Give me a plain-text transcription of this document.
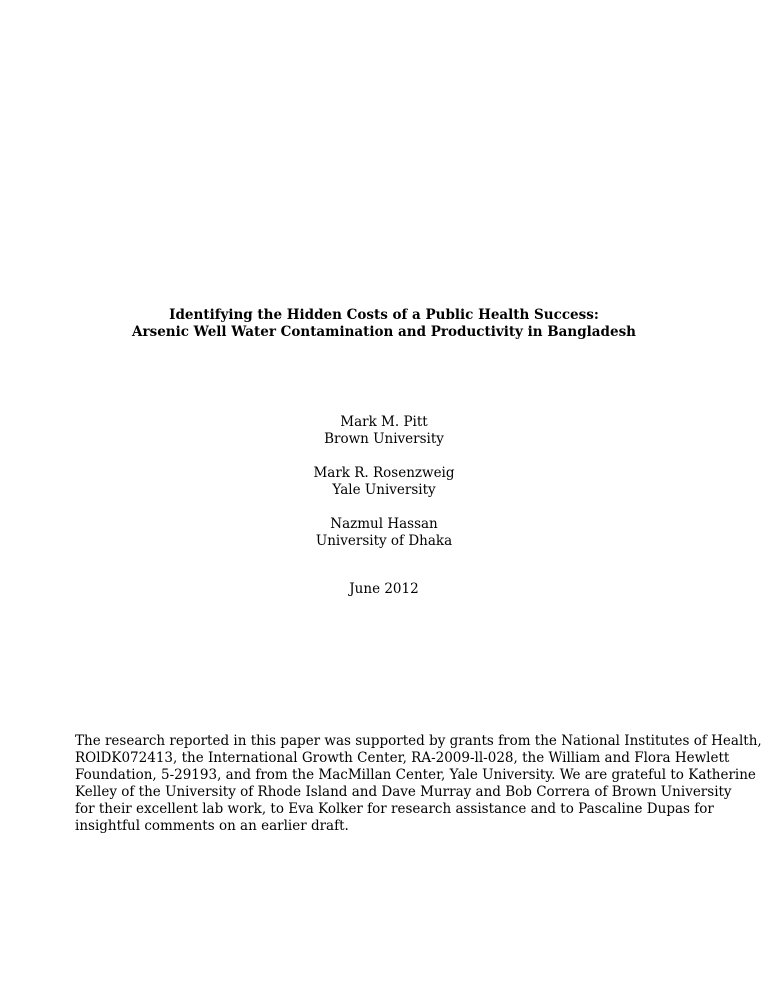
Identifying the Hidden Costs of a Public Health Success:
Arsenic Well Water Contamination and Productivity in Bangladesh
Mark M. Pitt
Brown University
Mark R. Rosenzweig
Yale University
Nazmul Hassan
University of Dhaka
June 2012
The research reported in this paper was supported by grants from the National Institutes of Health,
ROlDK072413, the International Growth Center, RA-2009-ll-028, the William and Flora Hewlett
Foundation, 5-29193, and from the MacMillan Center, Yale University. We are grateful to Katherine
Kelley of the University of Rhode Island and Dave Murray and Bob Correra of Brown University
for their excellent lab work, to Eva Kolker for research assistance and to Pascaline Dupas for
insightful comments on an earlier draft.
